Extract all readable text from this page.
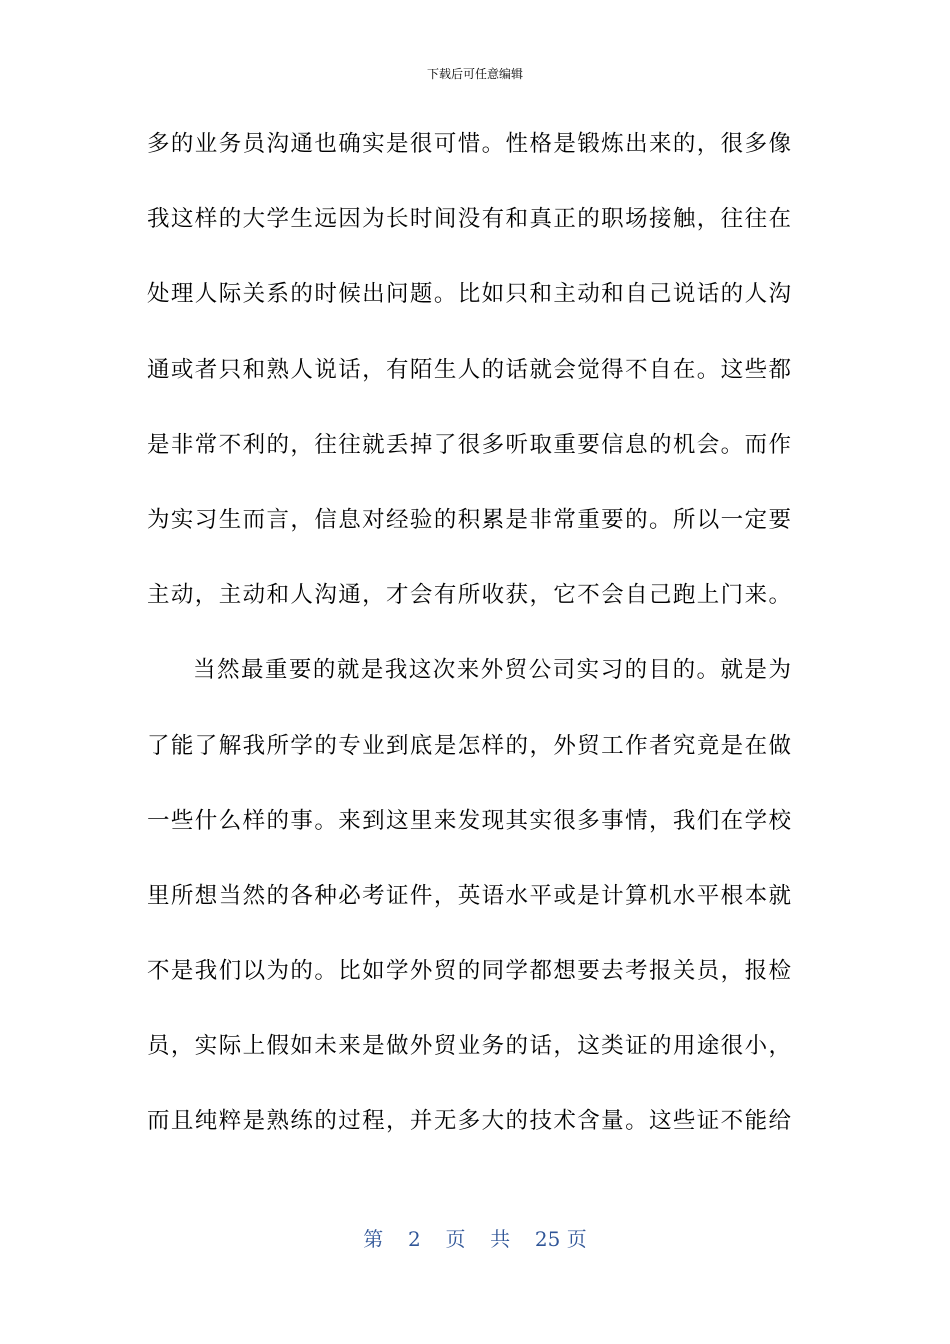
下载后可任意编辑
多的业务员沟通也确实是很可惜。性格是锻炼出来的，很多像
我这样的大学生远因为长时间没有和真正的职场接触，往往在
处理人际关系的时候出问题。比如只和主动和自己说话的人沟
通或者只和熟人说话，有陌生人的话就会觉得不自在。这些都
是非常不利的，往往就丢掉了很多听取重要信息的机会。而作
为实习生而言，信息对经验的积累是非常重要的。所以一定要
主动，主动和人沟通，才会有所收获，它不会自己跑上门来。
当然最重要的就是我这次来外贸公司实习的目的。就是为
了能了解我所学的专业到底是怎样的，外贸工作者究竟是在做
一些什么样的事。来到这里来发现其实很多事情，我们在学校
里所想当然的各种必考证件，英语水平或是计算机水平根本就
不是我们以为的。比如学外贸的同学都想要去考报关员，报检
员，实际上假如未来是做外贸业务的话，这类证的用途很小，
而且纯粹是熟练的过程，并无多大的技术含量。这些证不能给
第 2 页 共 25 页
